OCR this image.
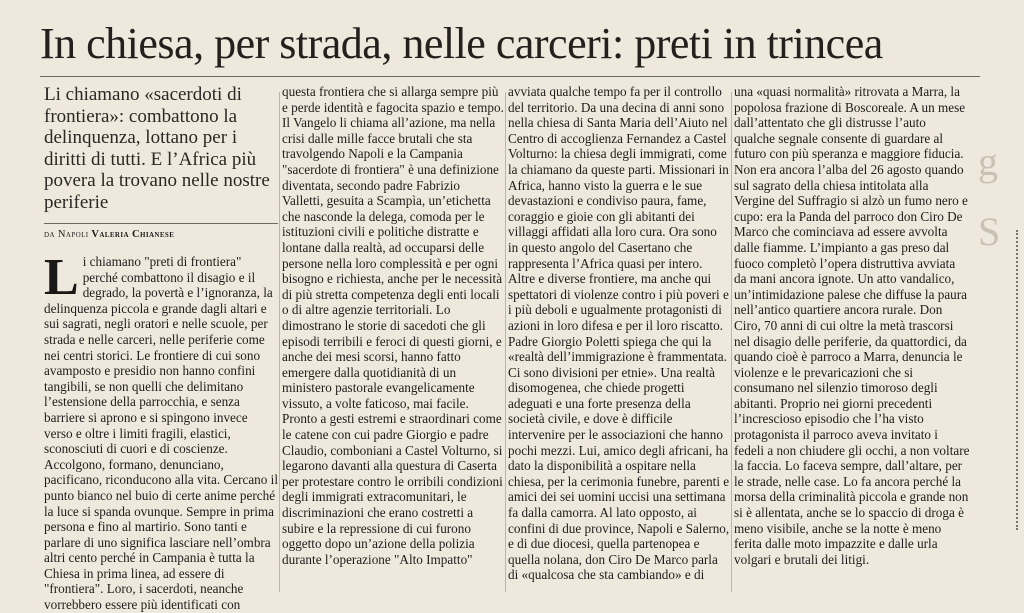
In chiesa, per strada, nelle carceri: preti in trincea

Li chiamano «sacerdoti di frontiera»: combattono la delinquenza, lottano per i diritti di tutti. E l’Africa più povera la trovano nelle nostre periferie

da Napoli Valeria Chianese

Li chiamano "preti di frontiera" perché combattono il disagio e il degrado, la povertà e l’ignoranza, la delinquenza piccola e grande dagli altari e sui sagrati, negli oratori e nelle scuole, per strada e nelle carceri, nelle periferie come nei centri storici. Le frontiere di cui sono avamposto e presidio non hanno confini tangibili, se non quelli che delimitano l’estensione della parrocchia, e senza barriere si aprono e si spingono invece verso e oltre i limiti fragili, elastici, sconosciuti di cuori e di coscienze. Accolgono, formano, denunciano, pacificano, riconducono alla vita. Cercano il punto bianco nel buio di certe anime perché la luce si spanda ovunque. Sempre in prima persona e fino al martirio. Sono tanti e parlare di uno significa lasciare nell’ombra altri cento perché in Campania è tutta la Chiesa in prima linea, ad essere di "frontiera". Loro, i sacerdoti, neanche vorrebbero essere più identificati con

questa frontiera che si allarga sempre più e perde identità e fagocita spazio e tempo. Il Vangelo li chiama all’azione, ma nella crisi dalle mille facce brutali che sta travolgendo Napoli e la Campania "sacerdote di frontiera" è una definizione diventata, secondo padre Fabrizio Valletti, gesuita a Scampìa, un’etichetta che nasconde la delega, comoda per le istituzioni civili e politiche distratte e lontane dalla realtà, ad occuparsi delle persone nella loro complessità e per ogni bisogno e richiesta, anche per le necessità di più stretta competenza degli enti locali o di altre agenzie territoriali. Lo dimostrano le storie di sacedoti che gli episodi terribili e feroci di questi giorni, e anche dei mesi scorsi, hanno fatto emergere dalla quotidianità di un ministero pastorale evangelicamente vissuto, a volte faticoso, mai facile. Pronto a gesti estremi e straordinari come le catene con cui padre Giorgio e padre Claudio, comboniani a Castel Volturno, si legarono davanti alla questura di Caserta per protestare contro le orribili condizioni degli immigrati extracomunitari, le discriminazioni che erano costretti a subire e la repressione di cui furono oggetto dopo un’azione della polizia durante l’operazione "Alto Impatto"

avviata qualche tempo fa per il controllo del territorio. Da una decina di anni sono nella chiesa di Santa Maria dell’Aiuto nel Centro di accoglienza Fernandez a Castel Volturno: la chiesa degli immigrati, come la chiamano da queste parti. Missionari in Africa, hanno visto la guerra e le sue devastazioni e condiviso paura, fame, coraggio e gioie con gli abitanti dei villaggi affidati alla loro cura. Ora sono in questo angolo del Casertano che rappresenta l’Africa quasi per intero. Altre e diverse frontiere, ma anche qui spettatori di violenze contro i più poveri e i più deboli e ugualmente protagonisti di azioni in loro difesa e per il loro riscatto. Padre Giorgio Poletti spiega che qui la «realtà dell’immigrazione è frammentata. Ci sono divisioni per etnie». Una realtà disomogenea, che chiede progetti adeguati e una forte presenza della società civile, e dove è difficile intervenire per le associazioni che hanno pochi mezzi. Lui, amico degli africani, ha dato la disponibilità a ospitare nella chiesa, per la cerimonia funebre, parenti e amici dei sei uomini uccisi una settimana fa dalla camorra. Al lato opposto, ai confini di due province, Napoli e Salerno, e di due diocesi, quella partenopea e quella nolana, don Ciro De Marco parla di «qualcosa che sta cambiando» e di

una «quasi normalità» ritrovata a Marra, la popolosa frazione di Boscoreale. A un mese dall’attentato che gli distrusse l’auto qualche segnale consente di guardare al futuro con più speranza e maggiore fiducia. Non era ancora l’alba del 26 agosto quando sul sagrato della chiesa intitolata alla Vergine del Suffragio si alzò un fumo nero e cupo: era la Panda del parroco don Ciro De Marco che cominciava ad essere avvolta dalle fiamme. L’impianto a gas preso dal fuoco completò l’opera distruttiva avviata da mani ancora ignote. Un atto vandalico, un’intimidazione palese che diffuse la paura nell’antico quartiere ancora rurale. Don Ciro, 70 anni di cui oltre la metà trascorsi nel disagio delle periferie, da quattordici, da quando cioè è parroco a Marra, denuncia le violenze e le prevaricazioni che si consumano nel silenzio timoroso degli abitanti. Proprio nei giorni precedenti l’increscioso episodio che l’ha visto protagonista il parroco aveva invitato i fedeli a non chiudere gli occhi, a non voltare la faccia. Lo faceva sempre, dall’altare, per le strade, nelle case. Lo fa ancora perché la morsa della criminalità piccola e grande non si è allentata, anche se lo spaccio di droga è meno visibile, anche se la notte è meno ferita dalle moto impazzite e dalle urla volgari e brutali dei litigi.

g
S
